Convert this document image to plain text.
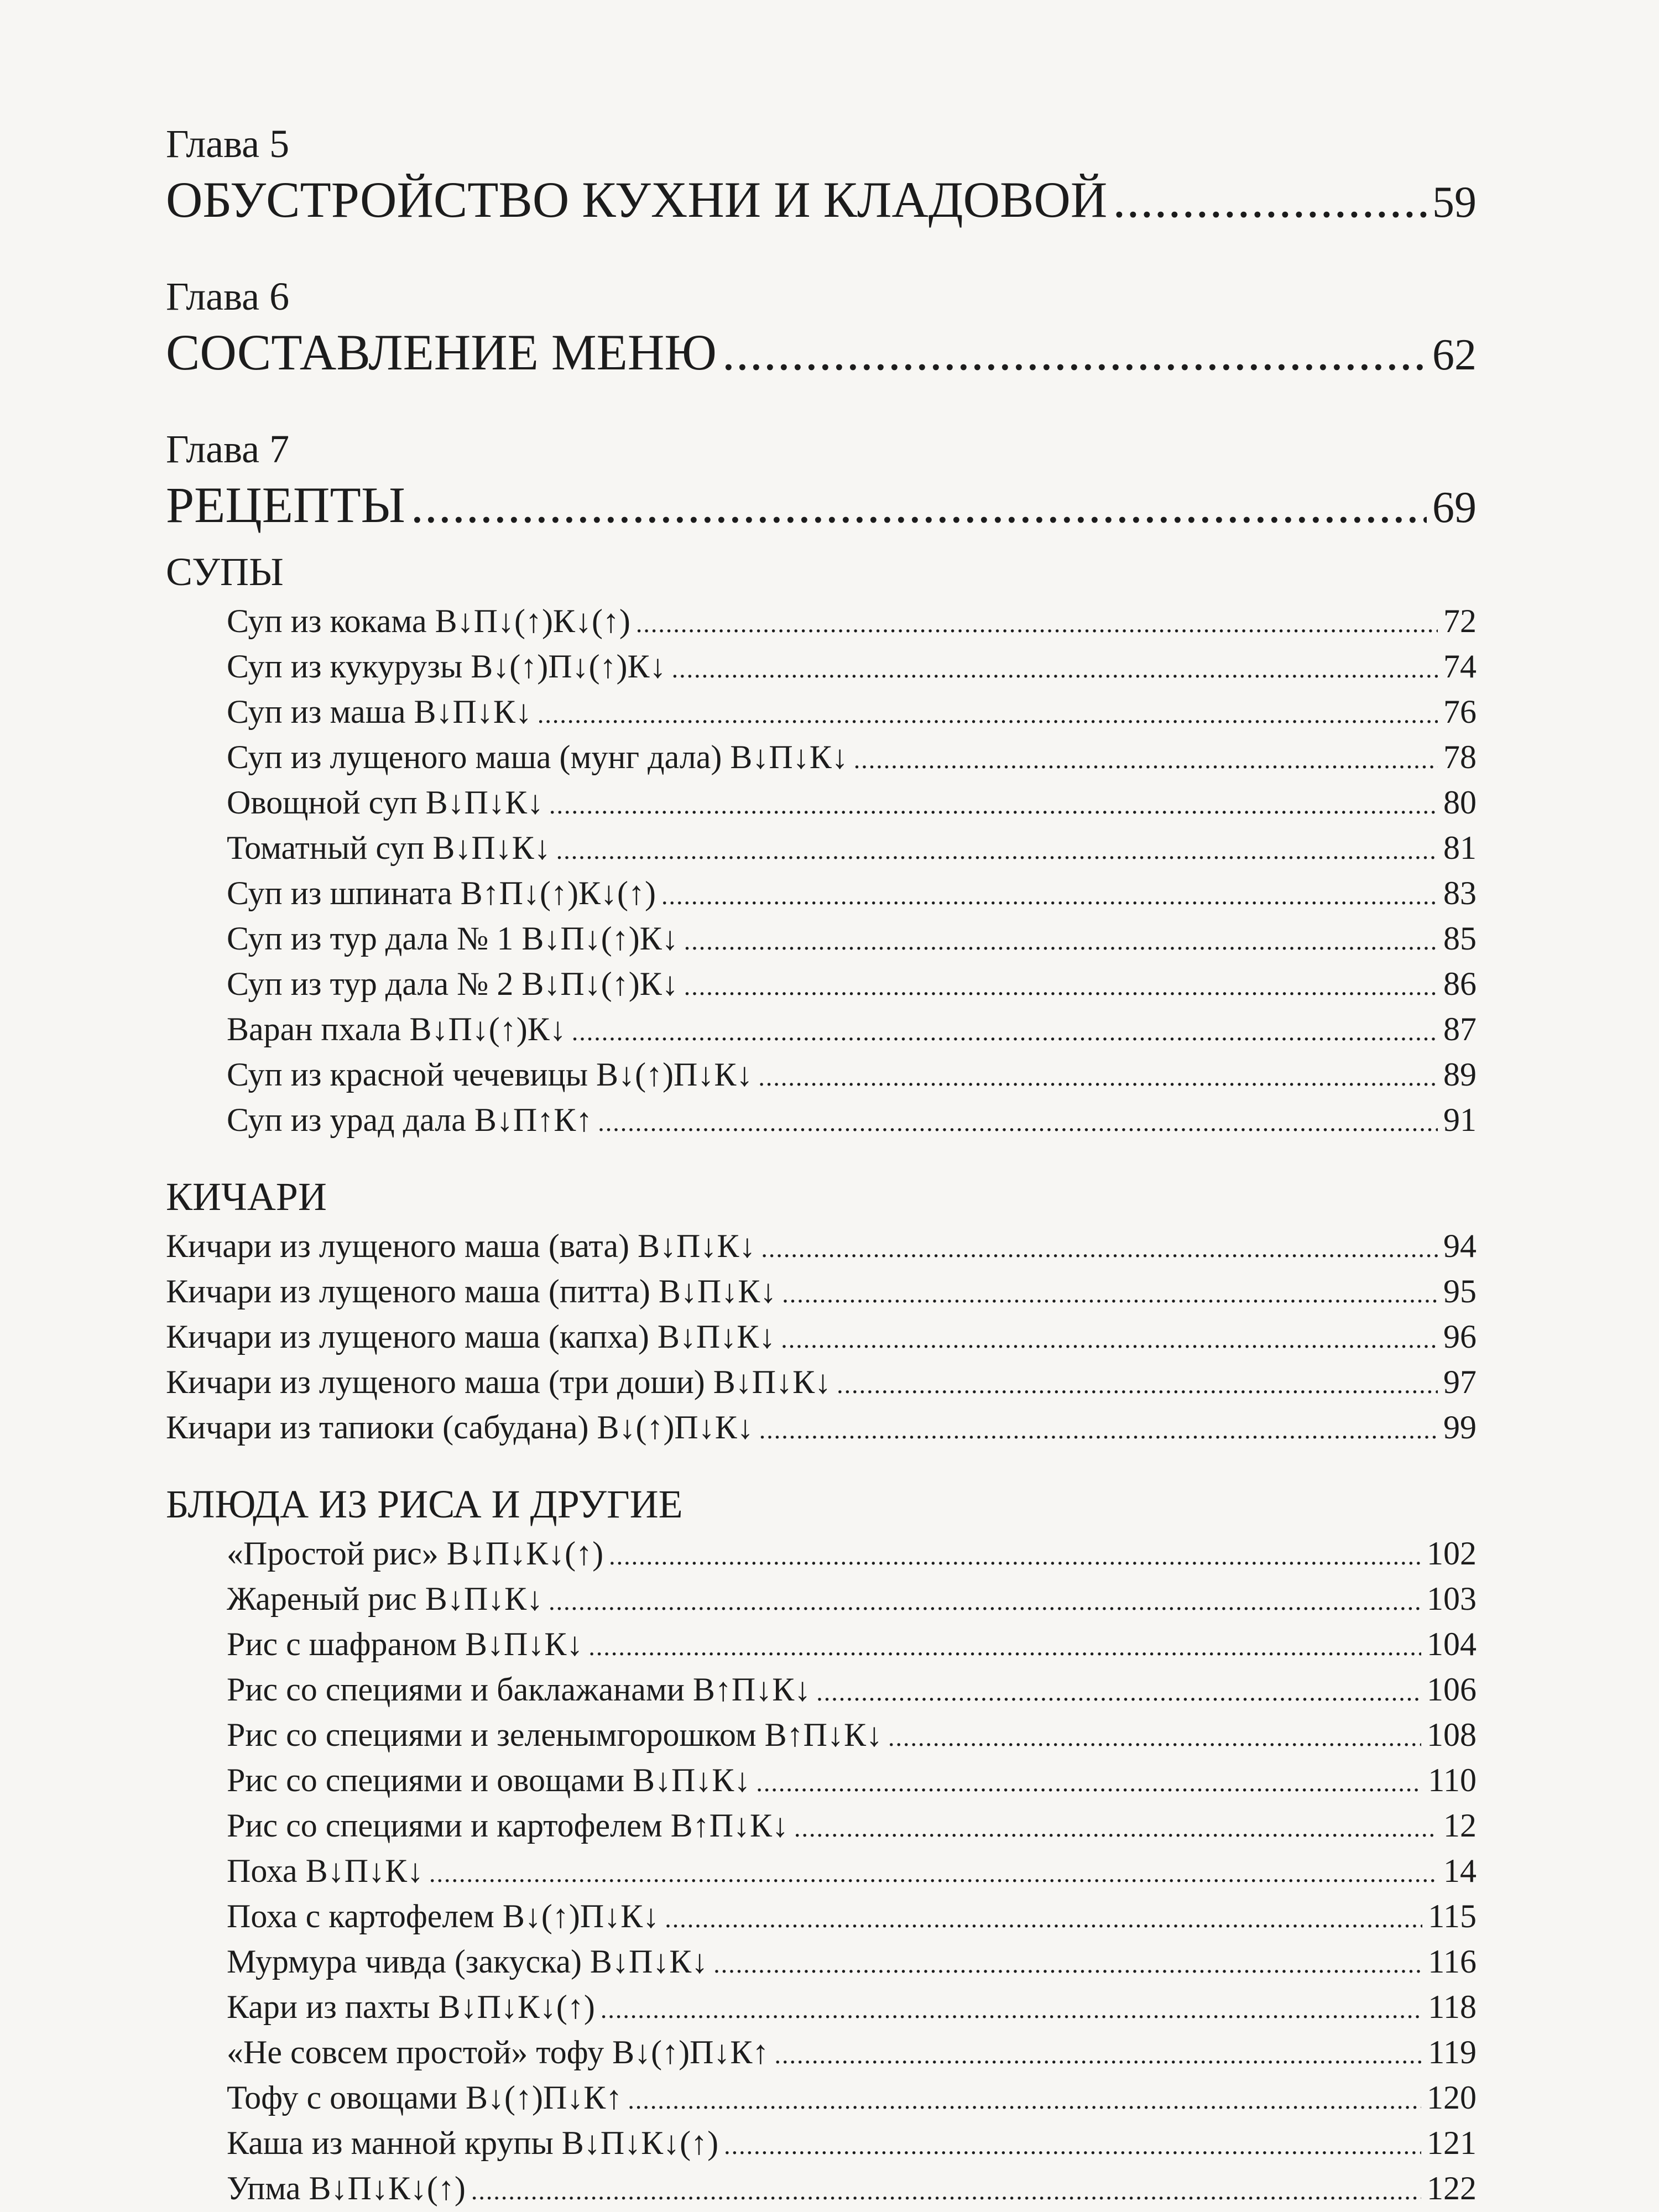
Глава 5
ОБУСТРОЙСТВО КУХНИ И КЛАДОВОЙ .....	59
Глава 6
СОСТАВЛЕНИЕ МЕНЮ .....	62
Глава 7
РЕЦЕПТЫ .....	69
СУПЫ
Суп из кокама В↓П↓(↑)К↓(↑) .....	72
Суп из кукурузы В↓(↑)П↓(↑)К↓ .....	74
Суп из маша В↓П↓К↓ .....	76
Суп из лущеного маша (мунг дала) В↓П↓К↓ .....	78
Овощной суп В↓П↓К↓ .....	80
Томатный суп В↓П↓К↓ .....	81
Суп из шпината В↑П↓(↑)К↓(↑) .....	83
Суп из тур дала № 1 В↓П↓(↑)К↓ .....	85
Суп из тур дала № 2 В↓П↓(↑)К↓ .....	86
Варан пхала В↓П↓(↑)К↓ .....	87
Суп из красной чечевицы В↓(↑)П↓К↓ .....	89
Суп из урад дала В↓П↑К↑ .....	91
КИЧАРИ
Кичари из лущеного маша (вата) В↓П↓К↓ .....	94
Кичари из лущеного маша (питта) В↓П↓К↓ .....	95
Кичари из лущеного маша (капха) В↓П↓К↓ .....	96
Кичари из лущеного маша (три доши) В↓П↓К↓ .....	97
Кичари из тапиоки (сабудана) В↓(↑)П↓К↓ .....	99
БЛЮДА ИЗ РИСА И ДРУГИЕ
«Простой рис» В↓П↓К↓(↑) .....	102
Жареный рис В↓П↓К↓ .....	103
Рис с шафраном В↓П↓К↓ .....	104
Рис со специями и баклажанами В↑П↓К↓ .....	106
Рис со специями и зеленымгорошком В↑П↓К↓ .....	108
Рис со специями и овощами В↓П↓К↓ .....	110
Рис со специями и картофелем В↑П↓К↓ .....	12
Поха В↓П↓К↓ .....	14
Поха с картофелем В↓(↑)П↓К↓ .....	115
Мурмура чивда (закуска) В↓П↓К↓ .....	116
Кари из пахты В↓П↓К↓(↑) .....	118
«Не совсем простой» тофу В↓(↑)П↓К↑ .....	119
Тофу с овощами В↓(↑)П↓К↑ .....	120
Каша из манной крупы В↓П↓К↓(↑) .....	121
Упма В↓П↓К↓(↑) .....	122
